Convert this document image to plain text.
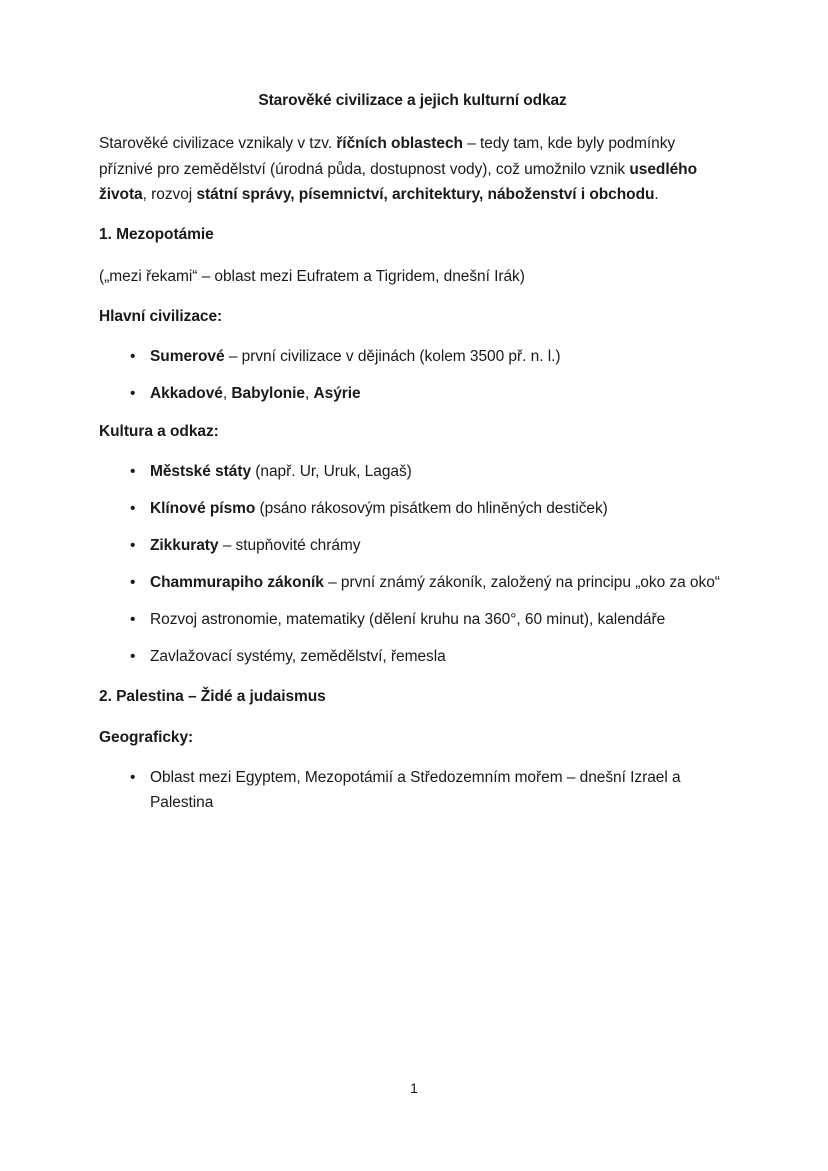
Starověké civilizace a jejich kulturní odkaz

Starověké civilizace vznikaly v tzv. říčních oblastech – tedy tam, kde byly podmínky příznivé pro zemědělství (úrodná půda, dostupnost vody), což umožnilo vznik usedlého života, rozvoj státní správy, písemnictví, architektury, náboženství i obchodu.

1. Mezopotámie

(„mezi řekami“ – oblast mezi Eufratem a Tigridem, dnešní Irák)

Hlavní civilizace:
• Sumerové – první civilizace v dějinách (kolem 3500 př. n. l.)
• Akkadové, Babylonie, Asýrie
Kultura a odkaz:
• Městské státy (např. Ur, Uruk, Lagaš)
• Klínové písmo (psáno rákosovým pisátkem do hliněných destiček)
• Zikkuraty – stupňovité chrámy
• Chammurapiho zákoník – první známý zákoník, založený na principu „oko za oko“
• Rozvoj astronomie, matematiky (dělení kruhu na 360°, 60 minut), kalendáře
• Zavlažovací systémy, zemědělství, řemesla
2. Palestina – Židé a judaismus
Geograficky:
• Oblast mezi Egyptem, Mezopotámií a Středozemním mořem – dnešní Izrael a Palestina
1
